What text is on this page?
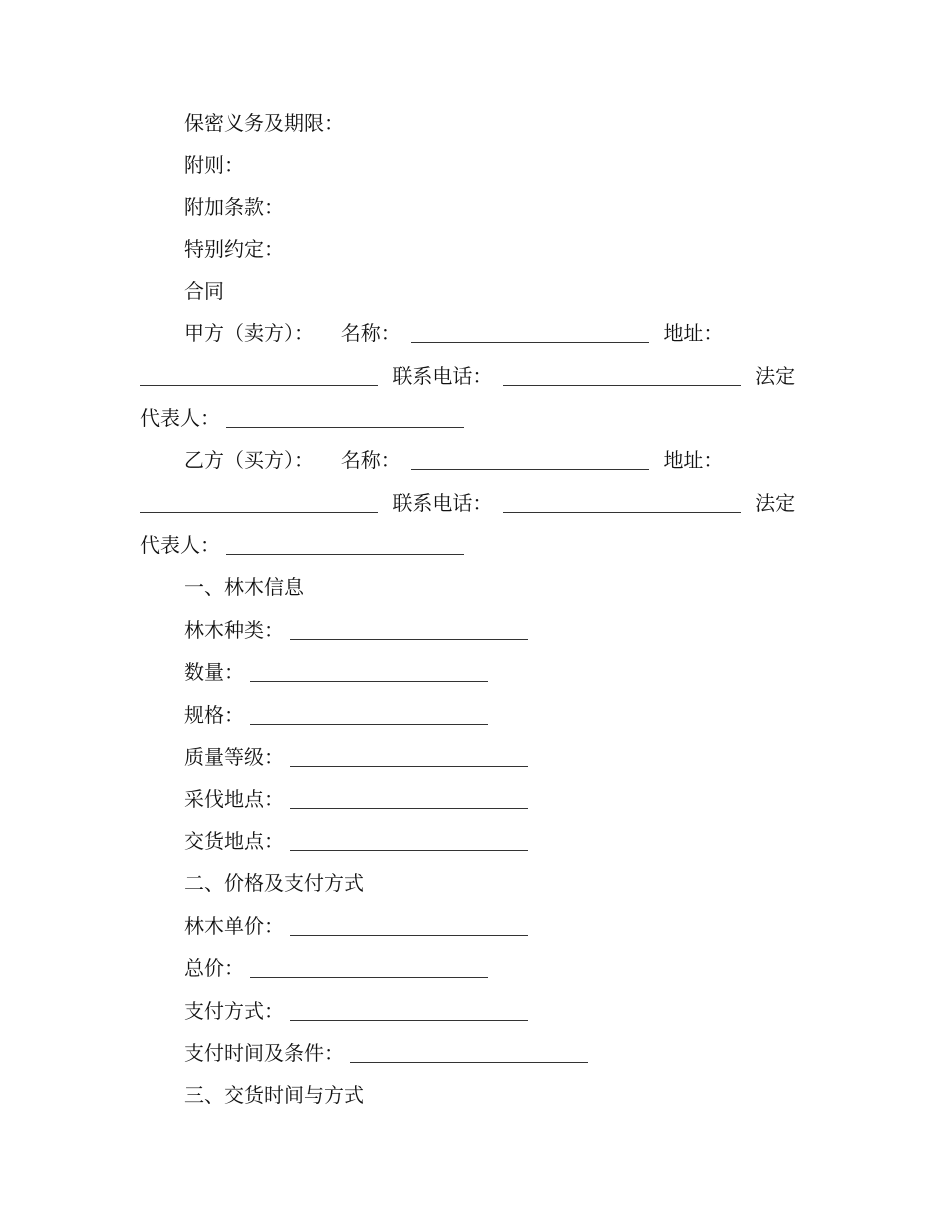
保密义务及期限：
附则：
附加条款：
特别约定：
合同
甲方（卖方）： 名称：	地址：
联系电话：	法定
代表人：
乙方（买方）： 名称：	地址：
联系电话：	法定
代表人：
一、林木信息
林木种类：
数量：
规格：
质量等级：
采伐地点：
交货地点：
二、价格及支付方式
林木单价：
总价：
支付方式：
支付时间及条件：
三、交货时间与方式
